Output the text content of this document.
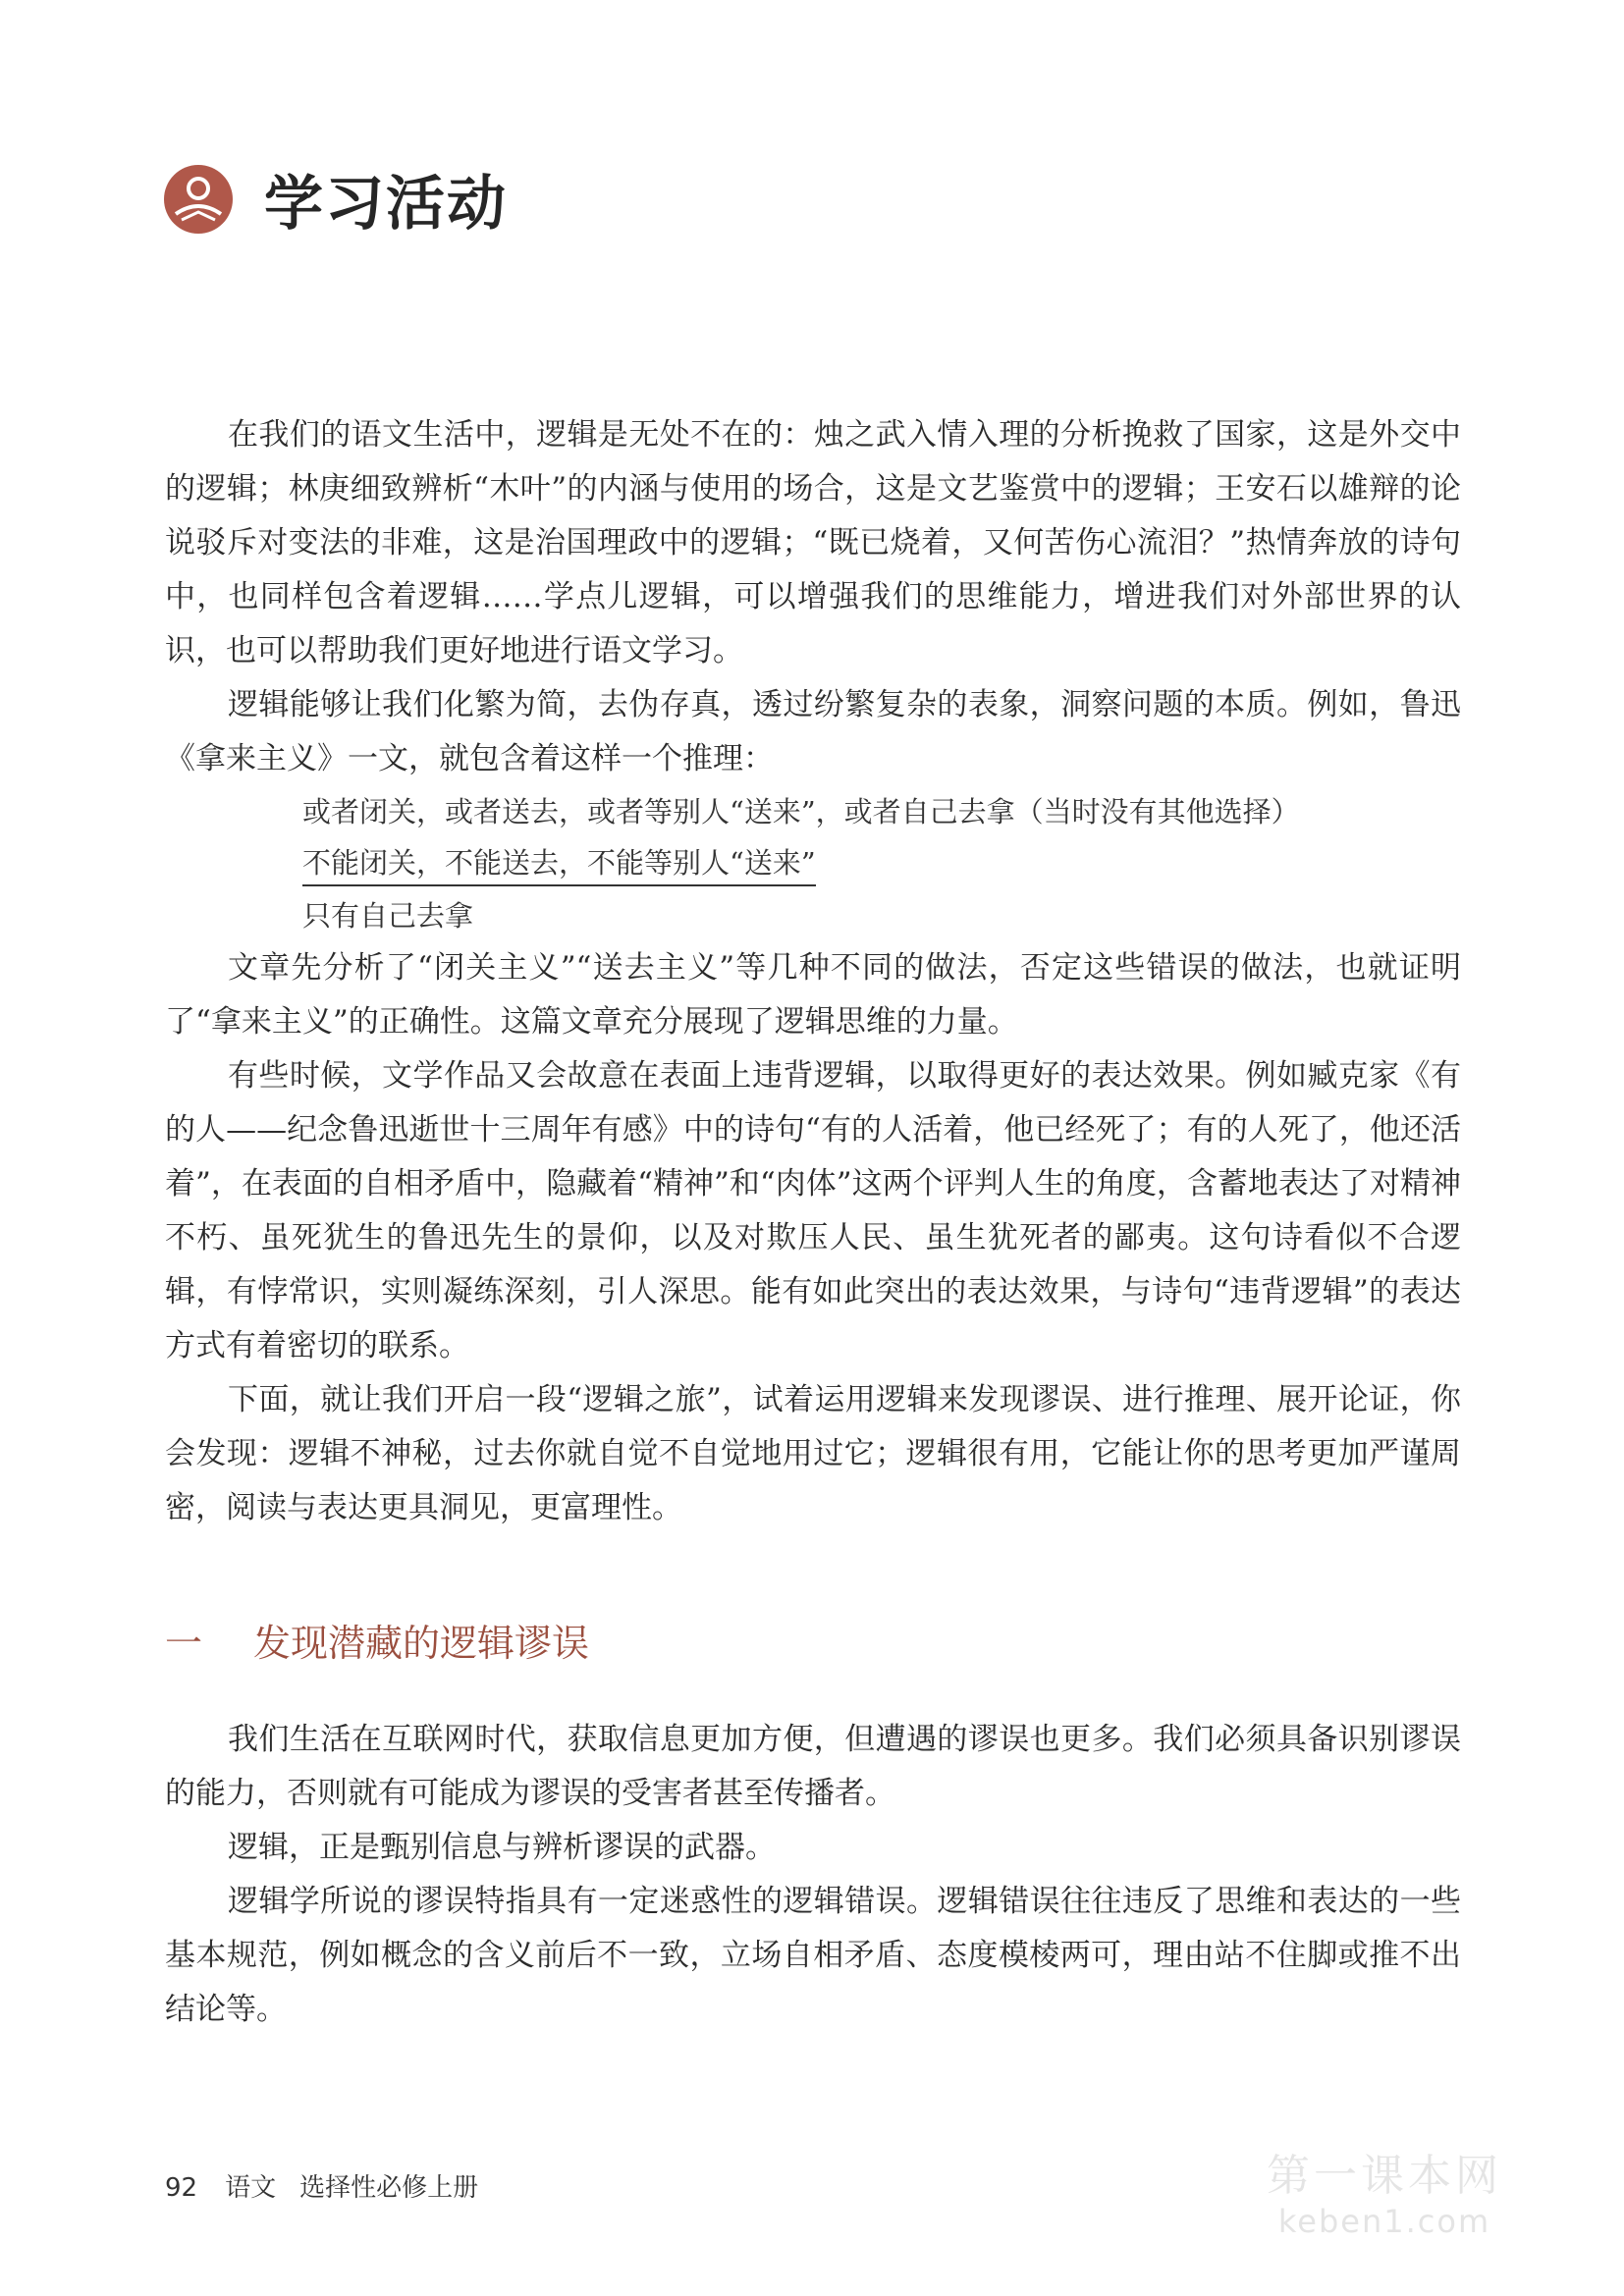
学习活动

在我们的语文生活中，逻辑是无处不在的：烛之武入情入理的分析挽救了国家，这是外交中的逻辑；林庚细致辨析“木叶”的内涵与使用的场合，这是文艺鉴赏中的逻辑；王安石以雄辩的论说驳斥对变法的非难，这是治国理政中的逻辑；“既已烧着，又何苦伤心流泪？”热情奔放的诗句中，也同样包含着逻辑……学点儿逻辑，可以增强我们的思维能力，增进我们对外部世界的认识，也可以帮助我们更好地进行语文学习。

逻辑能够让我们化繁为简，去伪存真，透过纷繁复杂的表象，洞察问题的本质。例如，鲁迅《拿来主义》一文，就包含着这样一个推理：

或者闭关，或者送去，或者等别人“送来”，或者自己去拿（当时没有其他选择）
不能闭关，不能送去，不能等别人“送来”
只有自己去拿

文章先分析了“闭关主义”“送去主义”等几种不同的做法，否定这些错误的做法，也就证明了“拿来主义”的正确性。这篇文章充分展现了逻辑思维的力量。

有些时候，文学作品又会故意在表面上违背逻辑，以取得更好的表达效果。例如臧克家《有的人——纪念鲁迅逝世十三周年有感》中的诗句“有的人活着，他已经死了；有的人死了，他还活着”，在表面的自相矛盾中，隐藏着“精神”和“肉体”这两个评判人生的角度，含蓄地表达了对精神不朽、虽死犹生的鲁迅先生的景仰，以及对欺压人民、虽生犹死者的鄙夷。这句诗看似不合逻辑，有悖常识，实则凝练深刻，引人深思。能有如此突出的表达效果，与诗句“违背逻辑”的表达方式有着密切的联系。

下面，就让我们开启一段“逻辑之旅”，试着运用逻辑来发现谬误、进行推理、展开论证，你会发现：逻辑不神秘，过去你就自觉不自觉地用过它；逻辑很有用，它能让你的思考更加严谨周密，阅读与表达更具洞见，更富理性。

一 发现潜藏的逻辑谬误

我们生活在互联网时代，获取信息更加方便，但遭遇的谬误也更多。我们必须具备识别谬误的能力，否则就有可能成为谬误的受害者甚至传播者。

逻辑，正是甄别信息与辨析谬误的武器。

逻辑学所说的谬误特指具有一定迷惑性的逻辑错误。逻辑错误往往违反了思维和表达的一些基本规范，例如概念的含义前后不一致，立场自相矛盾、态度模棱两可，理由站不住脚或推不出结论等。

92 语文 选择性必修上册	第一课本网
keben1.com
